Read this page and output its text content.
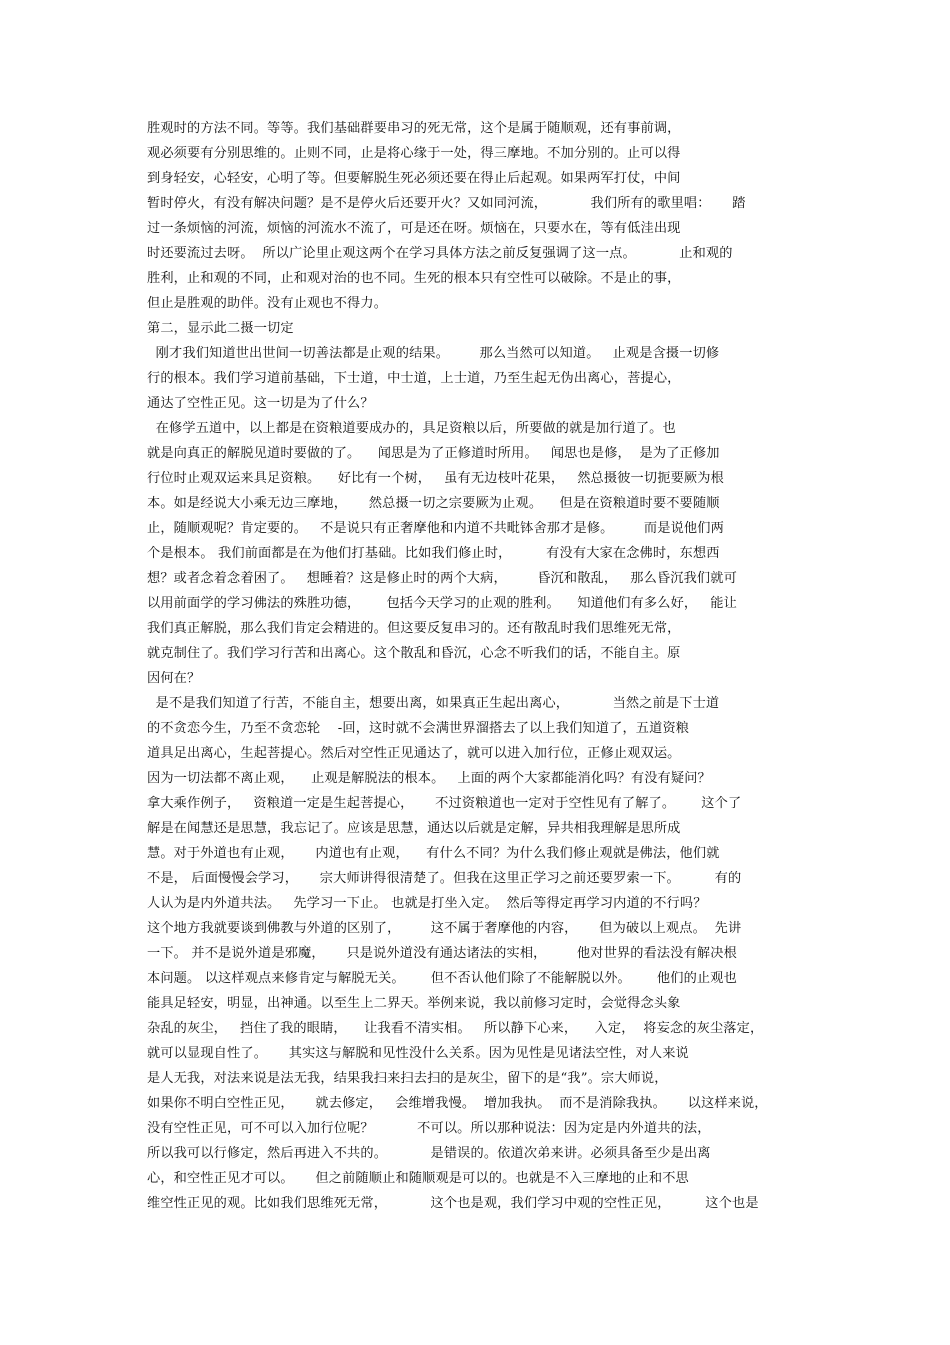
胜观时的方法不同。等等。我们基础群要串习的死无常，这个是属于随顺观，还有事前调，
观必须要有分别思维的。止则不同，止是将心缘于一处，得三摩地。不加分别的。止可以得
到身轻安，心轻安，心明了等。但要解脱生死必须还要在得止后起观。如果两军打仗，中间
暂时停火，有没有解决问题？是不是停火后还要开火？又如同河流，          我们所有的歌里唱：     踏
过一条烦恼的河流，烦恼的河流水不流了，可是还在呀。烦恼在，只要水在，等有低洼出现
时还要流过去呀。  所以广论里止观这两个在学习具体方法之前反复强调了这一点。          止和观的
胜利，止和观的不同，止和观对治的也不同。生死的根本只有空性可以破除。不是止的事，
但止是胜观的助伴。没有止观也不得力。
第二，显示此二摄一切定
刚才我们知道世出世间一切善法都是止观的结果。       那么当然可以知道。   止观是含摄一切修
行的根本。我们学习道前基础，下士道，中士道，上士道，乃至生起无伪出离心，菩提心，
通达了空性正见。这一切是为了什么？
在修学五道中，以上都是在资粮道要成办的，具足资粮以后，所要做的就是加行道了。也
就是向真正的解脱见道时要做的了。    闻思是为了正修道时所用。   闻思也是修，  是为了正修加
行位时止观双运来具足资粮。    好比有一个树，   虽有无边枝叶花果，   然总摄彼一切扼要厥为根
本。如是经说大小乘无边三摩地，     然总摄一切之宗要厥为止观。    但是在资粮道时要不要随顺
止，随顺观呢？肯定要的。   不是说只有正奢摩他和内道不共毗钵舍那才是修。       而是说他们两
个是根本。 我们前面都是在为他们打基础。比如我们修止时，        有没有大家在念佛时，东想西
想？或者念着念着困了。   想睡着？这是修止时的两个大病，       昏沉和散乱，   那么昏沉我们就可
以用前面学的学习佛法的殊胜功德，      包括今天学习的止观的胜利。    知道他们有多么好，   能让
我们真正解脱，那么我们肯定会精进的。但这要反复串习的。还有散乱时我们思维死无常，
就克制住了。我们学习行苦和出离心。这个散乱和昏沉，心念不听我们的话，不能自主。原
因何在？
是不是我们知道了行苦，不能自主，想要出离，如果真正生起出离心，          当然之前是下士道
的不贪恋今生，乃至不贪恋轮    -回，这时就不会满世界溜搭去了以上我们知道了，五道资粮
道具足出离心，生起菩提心。然后对空性正见通达了，就可以进入加行位，正修止观双运。
因为一切法都不离止观，    止观是解脱法的根本。   上面的两个大家都能消化吗？有没有疑问？
拿大乘作例子，   资粮道一定是生起菩提心，     不过资粮道也一定对于空性见有了解了。      这个了
解是在闻慧还是思慧，我忘记了。应该是思慧，通达以后就是定解，异共相我理解是思所成
慧。对于外道也有止观，     内道也有止观，    有什么不同？为什么我们修止观就是佛法，他们就
不是， 后面慢慢会学习，     宗大师讲得很清楚了。但我在这里正学习之前还要罗索一下。        有的
人认为是内外道共法。   先学习一下止。 也就是打坐入定。  然后等得定再学习内道的不行吗？
这个地方我就要谈到佛教与外道的区别了，       这不属于奢摩他的内容，     但为破以上观点。  先讲
一下。 并不是说外道是邪魔，     只是说外道没有通达诸法的实相，       他对世界的看法没有解决根
本问题。 以这样观点来修肯定与解脱无关。      但不否认他们除了不能解脱以外。      他们的止观也
能具足轻安，明显，出神通。以至生上二界天。举例来说，我以前修习定时，会觉得念头象
杂乱的灰尘，   挡住了我的眼睛，    让我看不清实相。   所以静下心来，    入定，  将妄念的灰尘落定，
就可以显现自性了。     其实这与解脱和见性没什么关系。因为见性是见诸法空性，对人来说
是人无我，对法来说是法无我，结果我扫来扫去扫的是灰尘，留下的是“我”。宗大师说，
如果你不明白空性正见，     就去修定，   会维增我慢。  增加我执。  而不是消除我执。     以这样来说，
没有空性正见，可不可以入加行位呢？          不可以。所以那种说法：因为定是内外道共的法，
所以我可以行修定，然后再进入不共的。          是错误的。依道次弟来讲。必须具备至少是出离
心，和空性正见才可以。     但之前随顺止和随顺观是可以的。也就是不入三摩地的止和不思
维空性正见的观。比如我们思维死无常，          这个也是观，我们学习中观的空性正见，        这个也是
